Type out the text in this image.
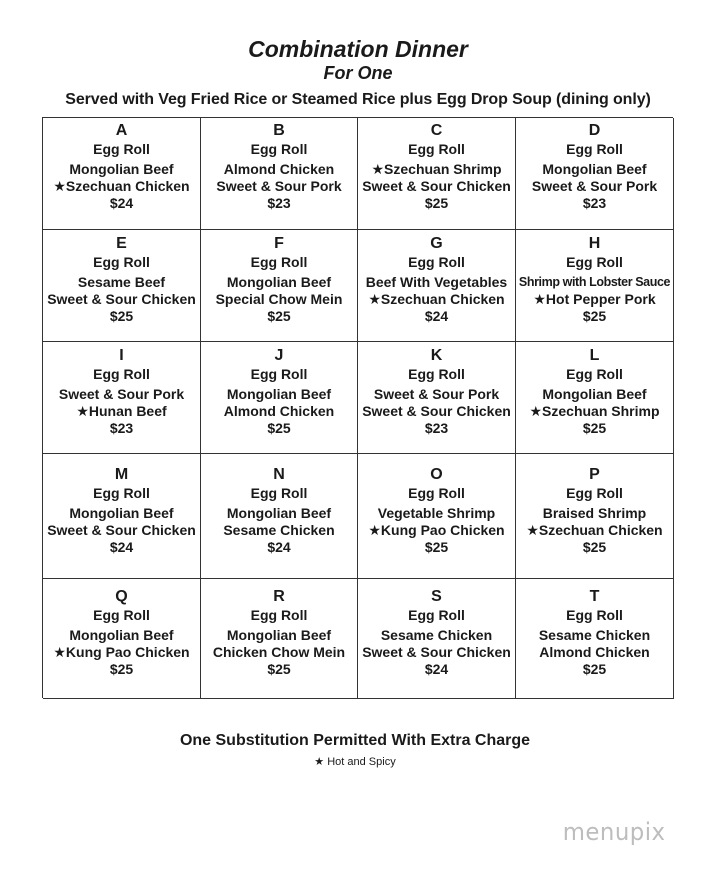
Combination Dinner
For One
Served with Veg Fried Rice or Steamed Rice plus Egg Drop Soup (dining only)
A
Egg Roll
Mongolian Beef
★Szechuan Chicken
$24
B
Egg Roll
Almond Chicken
Sweet & Sour Pork
$23
C
Egg Roll
★Szechuan Shrimp
Sweet & Sour Chicken
$25
D
Egg Roll
Mongolian Beef
Sweet & Sour Pork
$23
E
Egg Roll
Sesame Beef
Sweet & Sour Chicken
$25
F
Egg Roll
Mongolian Beef
Special Chow Mein
$25
G
Egg Roll
Beef With Vegetables
★Szechuan Chicken
$24
H
Egg Roll
Shrimp with Lobster Sauce
★Hot Pepper Pork
$25
I
Egg Roll
Sweet & Sour Pork
★Hunan Beef
$23
J
Egg Roll
Mongolian Beef
Almond Chicken
$25
K
Egg Roll
Sweet & Sour Pork
Sweet & Sour Chicken
$23
L
Egg Roll
Mongolian Beef
★Szechuan Shrimp
$25
M
Egg Roll
Mongolian Beef
Sweet & Sour Chicken
$24
N
Egg Roll
Mongolian Beef
Sesame Chicken
$24
O
Egg Roll
Vegetable Shrimp
★Kung Pao Chicken
$25
P
Egg Roll
Braised Shrimp
★Szechuan Chicken
$25
Q
Egg Roll
Mongolian Beef
★Kung Pao Chicken
$25
R
Egg Roll
Mongolian Beef
Chicken Chow Mein
$25
S
Egg Roll
Sesame Chicken
Sweet & Sour Chicken
$24
T
Egg Roll
Sesame Chicken
Almond Chicken
$25
One Substitution Permitted With Extra Charge
★ Hot and Spicy
menupix
